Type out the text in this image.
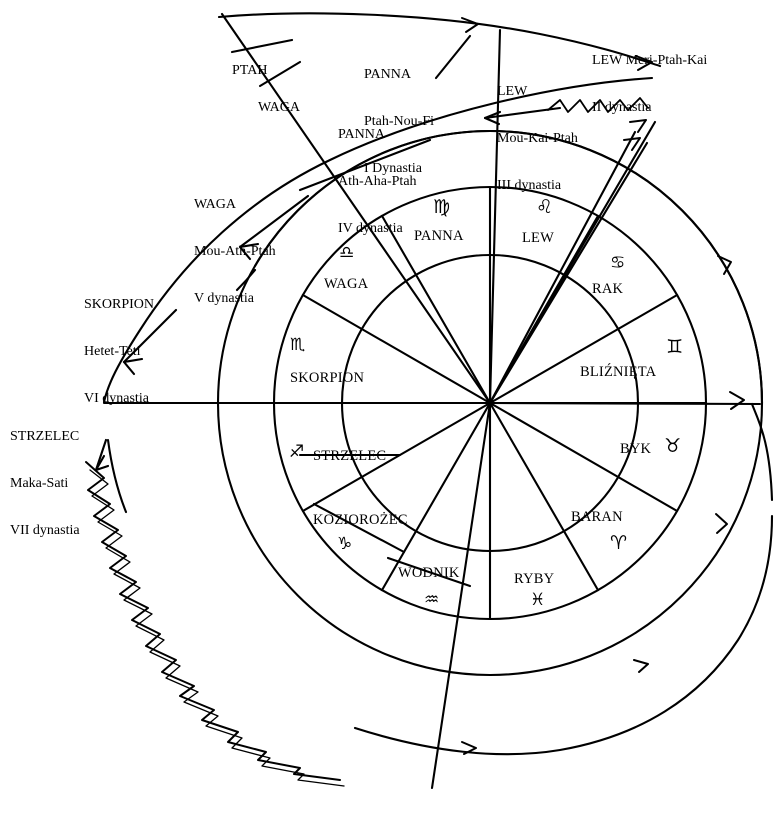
PANNA
♍
LEW
♌
RAK
♋
BLIŹNIĘTA
♊
BYK ♉
BARAN
♈
RYBY
♓
WODNIK
♒
KOZIOROŻEC
♑
STRZELEC
♐
SKORPION
♏
WAGA
♎

PTAH

WAGA

PANNA

Ptah-Nou-Fi

I Dynastia

LEW

Mou-Kai-Ptah

III dynastia

LEW Meri-Ptah-Kai

II dynastia

PANNA

Ath-Aha-Ptah

IV dynastia

WAGA

Mou-Ath-Ptah

V dynastia

SKORPION

Hetet-Teti

VI dynastia

STRZELEC

Maka-Sati

VII dynastia
